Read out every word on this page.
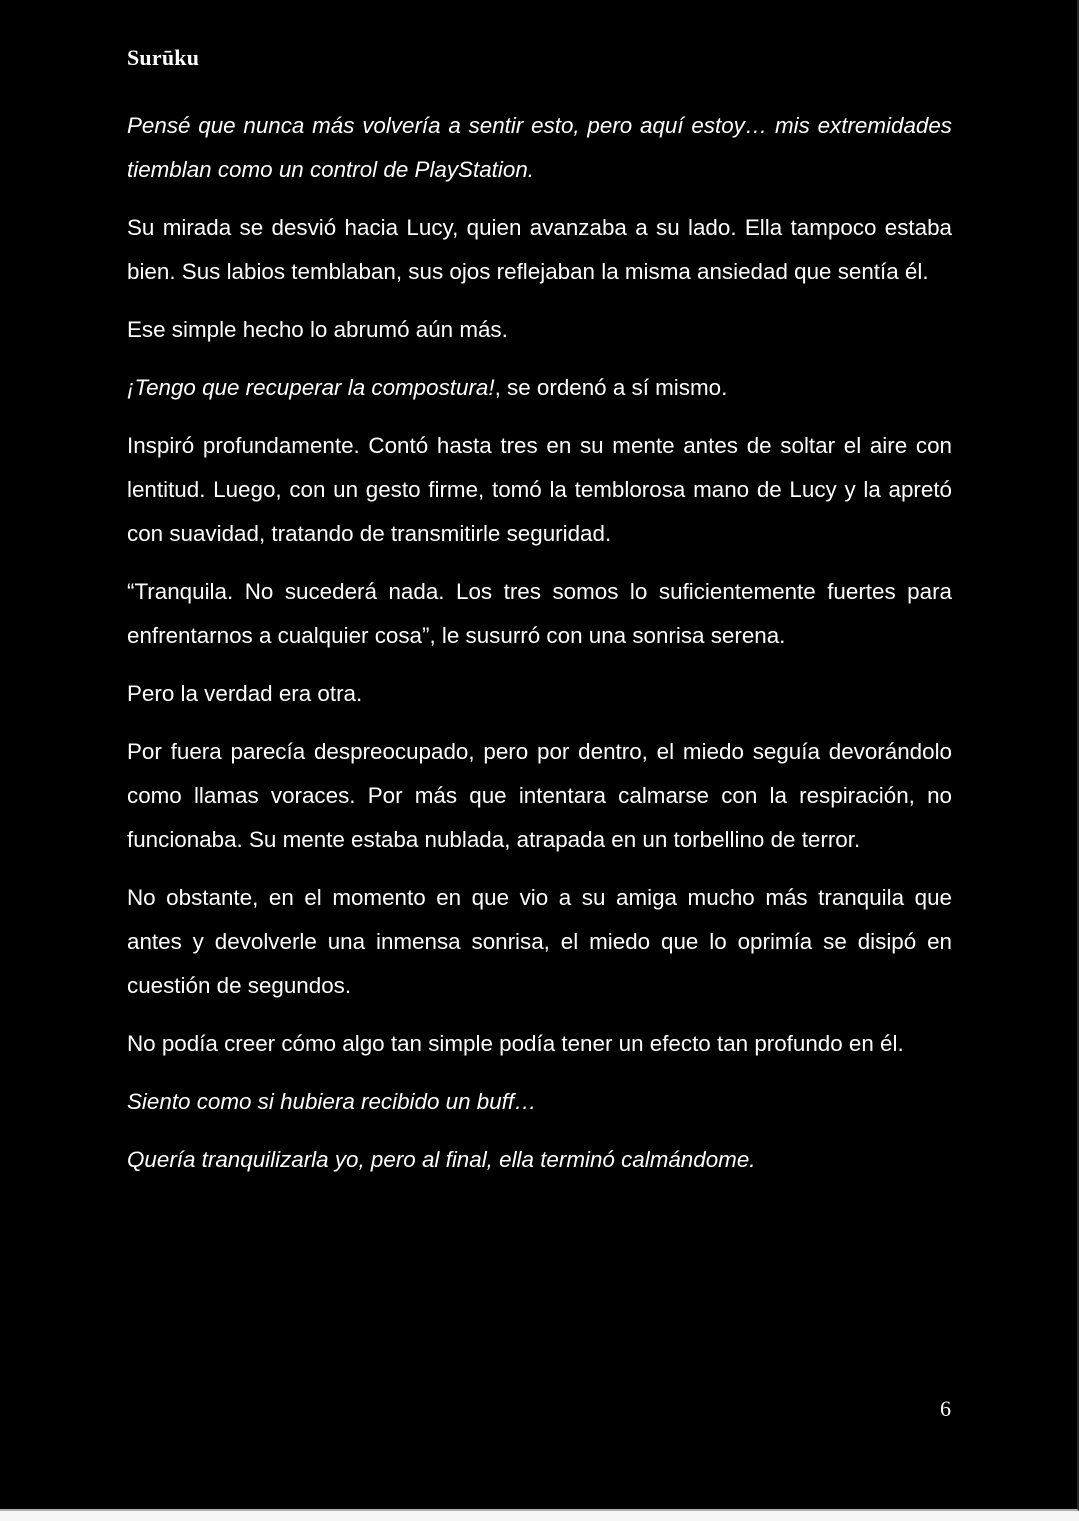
Surūku

Pensé que nunca más volvería a sentir esto, pero aquí estoy… mis extremidades tiemblan como un control de PlayStation.

Su mirada se desvió hacia Lucy, quien avanzaba a su lado. Ella tampoco estaba bien. Sus labios temblaban, sus ojos reflejaban la misma ansiedad que sentía él.

Ese simple hecho lo abrumó aún más.

¡Tengo que recuperar la compostura!, se ordenó a sí mismo.

Inspiró profundamente. Contó hasta tres en su mente antes de soltar el aire con lentitud. Luego, con un gesto firme, tomó la temblorosa mano de Lucy y la apretó con suavidad, tratando de transmitirle seguridad.

“Tranquila. No sucederá nada. Los tres somos lo suficientemente fuertes para enfrentarnos a cualquier cosa”, le susurró con una sonrisa serena.

Pero la verdad era otra.

Por fuera parecía despreocupado, pero por dentro, el miedo seguía devorándolo como llamas voraces. Por más que intentara calmarse con la respiración, no funcionaba. Su mente estaba nublada, atrapada en un torbellino de terror.

No obstante, en el momento en que vio a su amiga mucho más tranquila que antes y devolverle una inmensa sonrisa, el miedo que lo oprimía se disipó en cuestión de segundos.

No podía creer cómo algo tan simple podía tener un efecto tan profundo en él.

Siento como si hubiera recibido un buff…

Quería tranquilizarla yo, pero al final, ella terminó calmándome.

6
